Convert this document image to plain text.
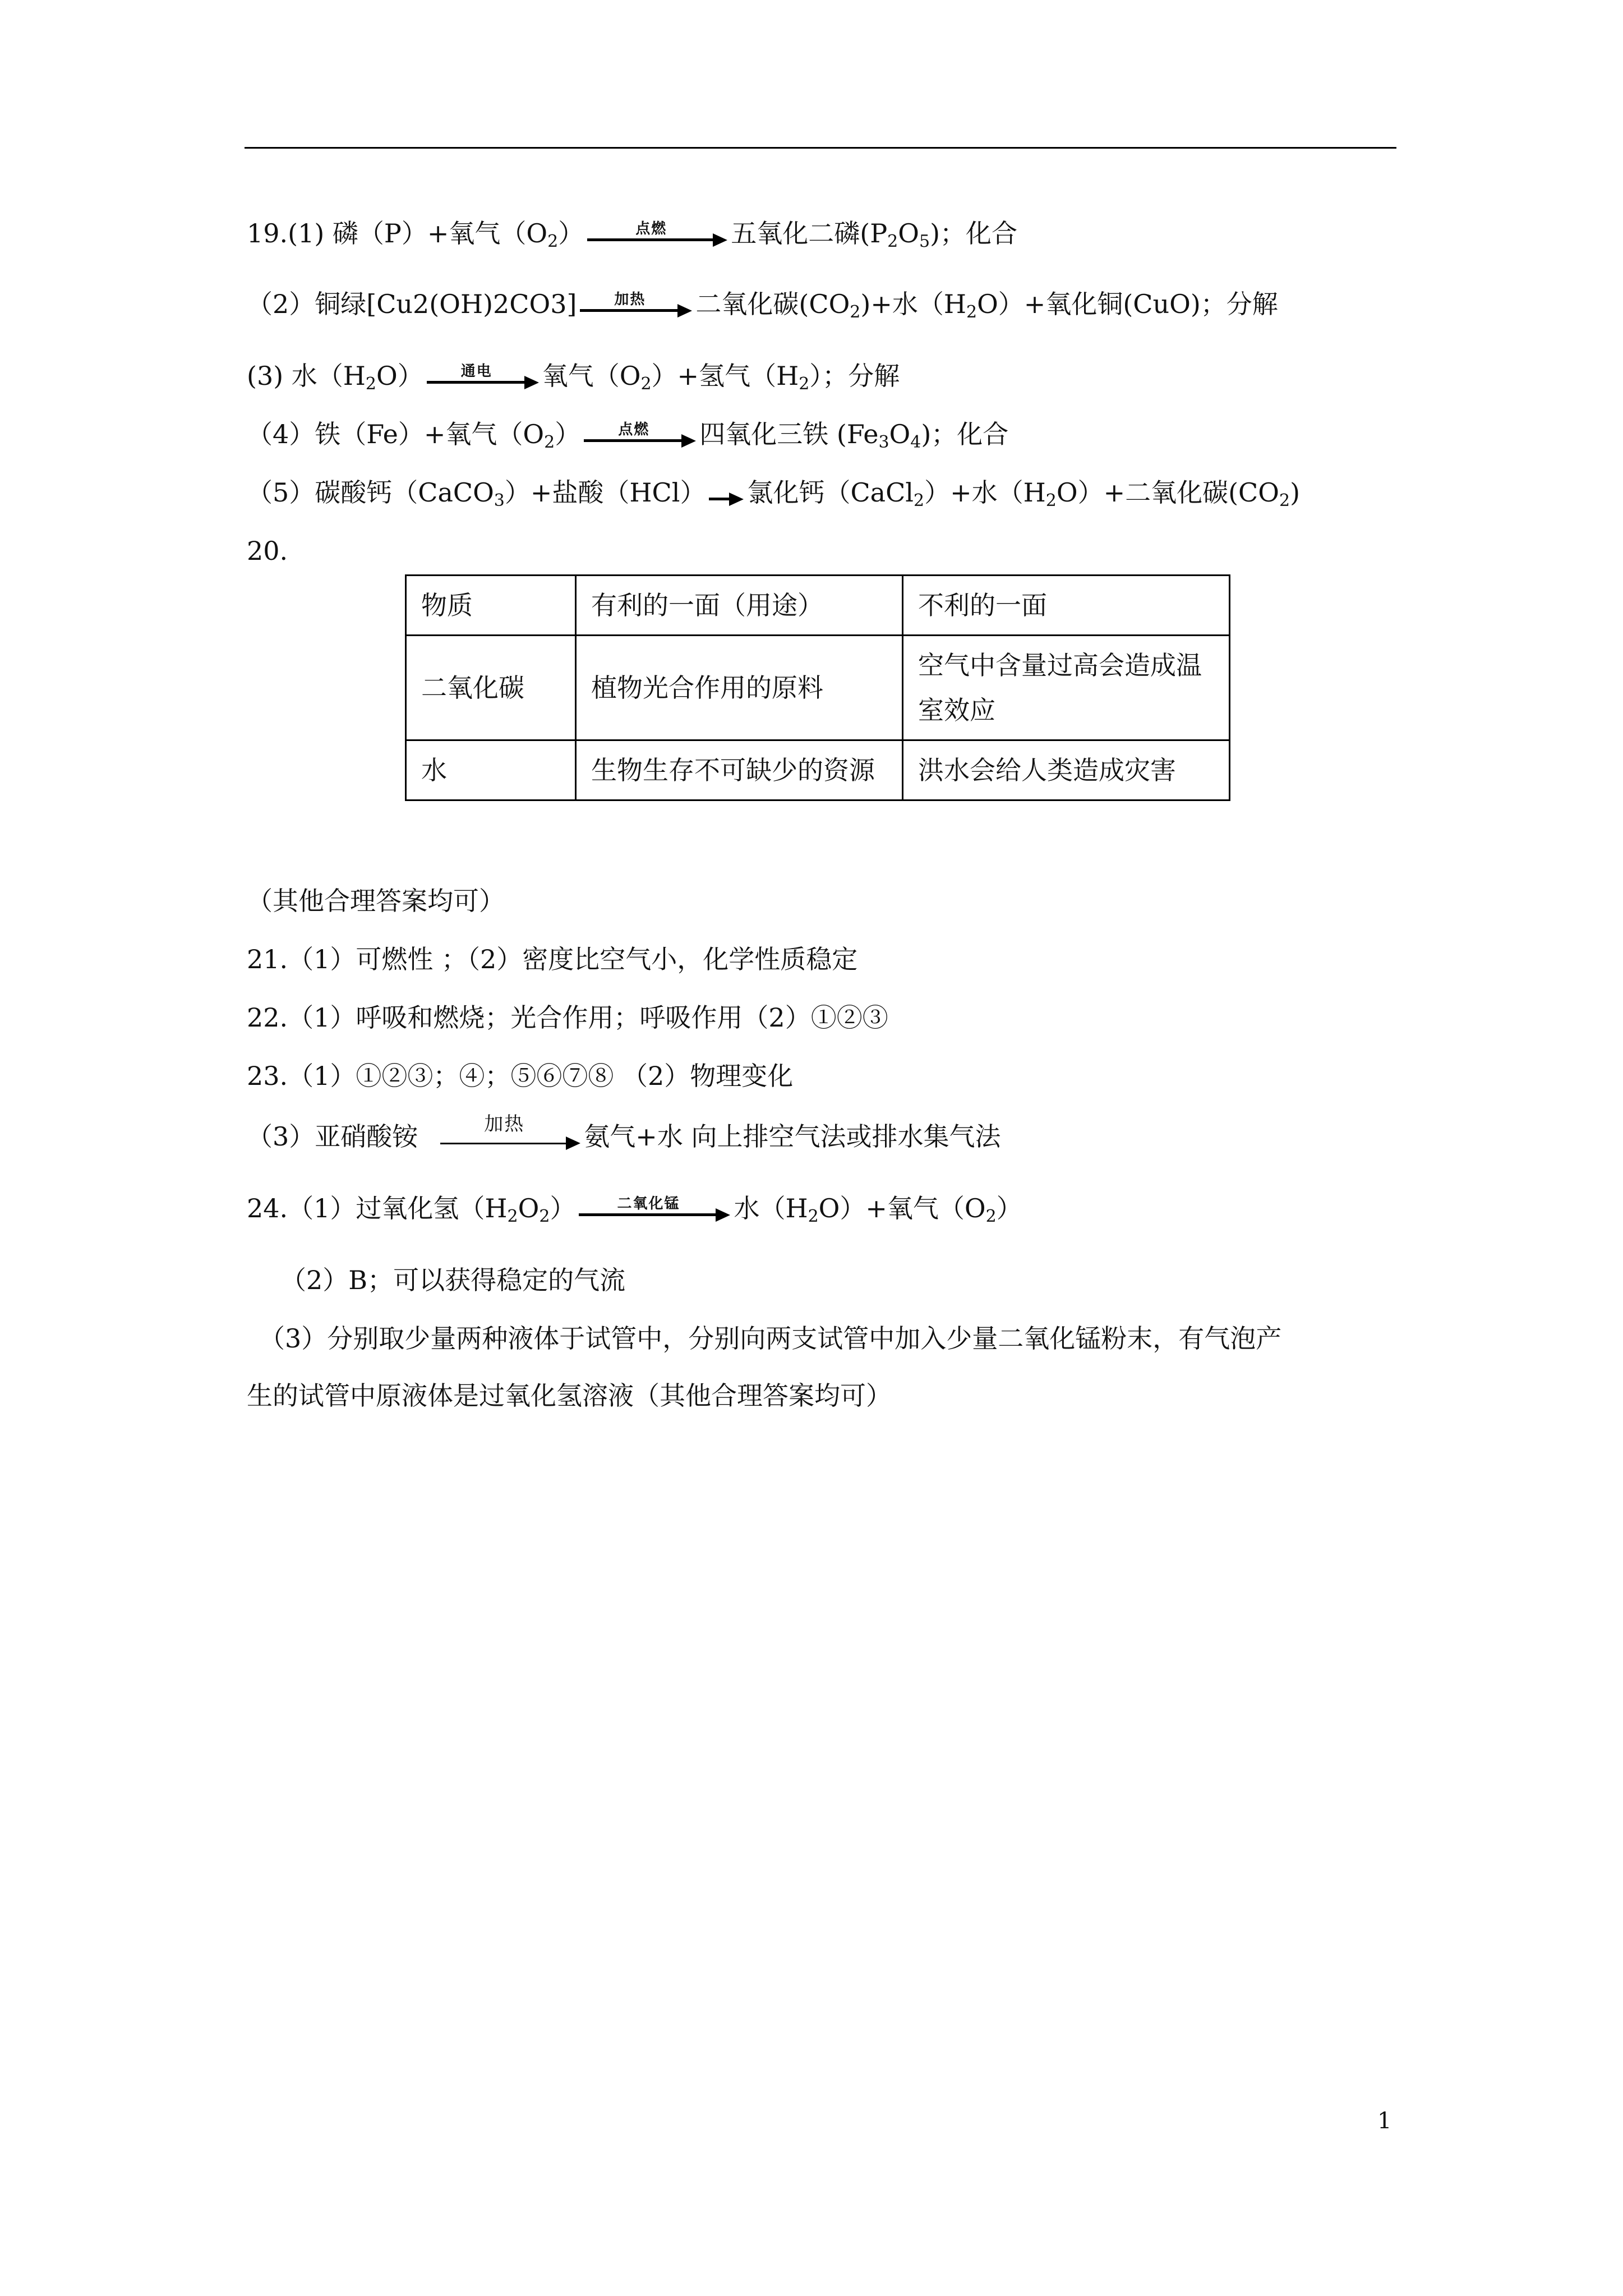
19.(1) 磷（P）+氧气$(O_2)$	点燃	五氧化二磷$(P_2O_5)$；化合
（2）铜绿[Cu2(OH)2CO3]	加热	二氧化碳$(CO_2)+$水$(H_2O)+$氧化铜(CuO)；分解
(3) 水$(H_2O)$	通电	氧气$(O_2)+$氢气$(H_2)$；分解
（4）铁（Fe）+氧气$(O_2)$	点燃	四氧化三铁 $(Fe_3O_4)$；化合
（5）碳酸钙（CaCO$_3$）+盐酸（HCl） 氯化钙（CaCl$_2$）+水$(H_2O)+$二氧化碳$(CO_2)$
20.
物质	有利的一面（用途）	不利的一面
二氧化碳	植物光合作用的原料	空气中含量过高会造成温室效应
水	生物生存不可缺少的资源	洪水会给人类造成灾害
（其他合理答案均可）
21.（1）可燃性 ；（2）密度比空气小，化学性质稳定
22.（1）呼吸和燃烧；光合作用；呼吸作用（2）①②③
23.（1）①②③；④；⑤⑥⑦⑧ （2）物理变化
（3）亚硝酸铵	加热	氨气+水 向上排空气法或排水集气法
24.（1）过氧化氢$(H_2O_2)$	二氧化锰	水$(H_2O)+$氧气$(O_2)$
（2）B；可以获得稳定的气流
（3）分别取少量两种液体于试管中，分别向两支试管中加入少量二氧化锰粉末，有气泡产
生的试管中原液体是过氧化氢溶液（其他合理答案均可）
1
